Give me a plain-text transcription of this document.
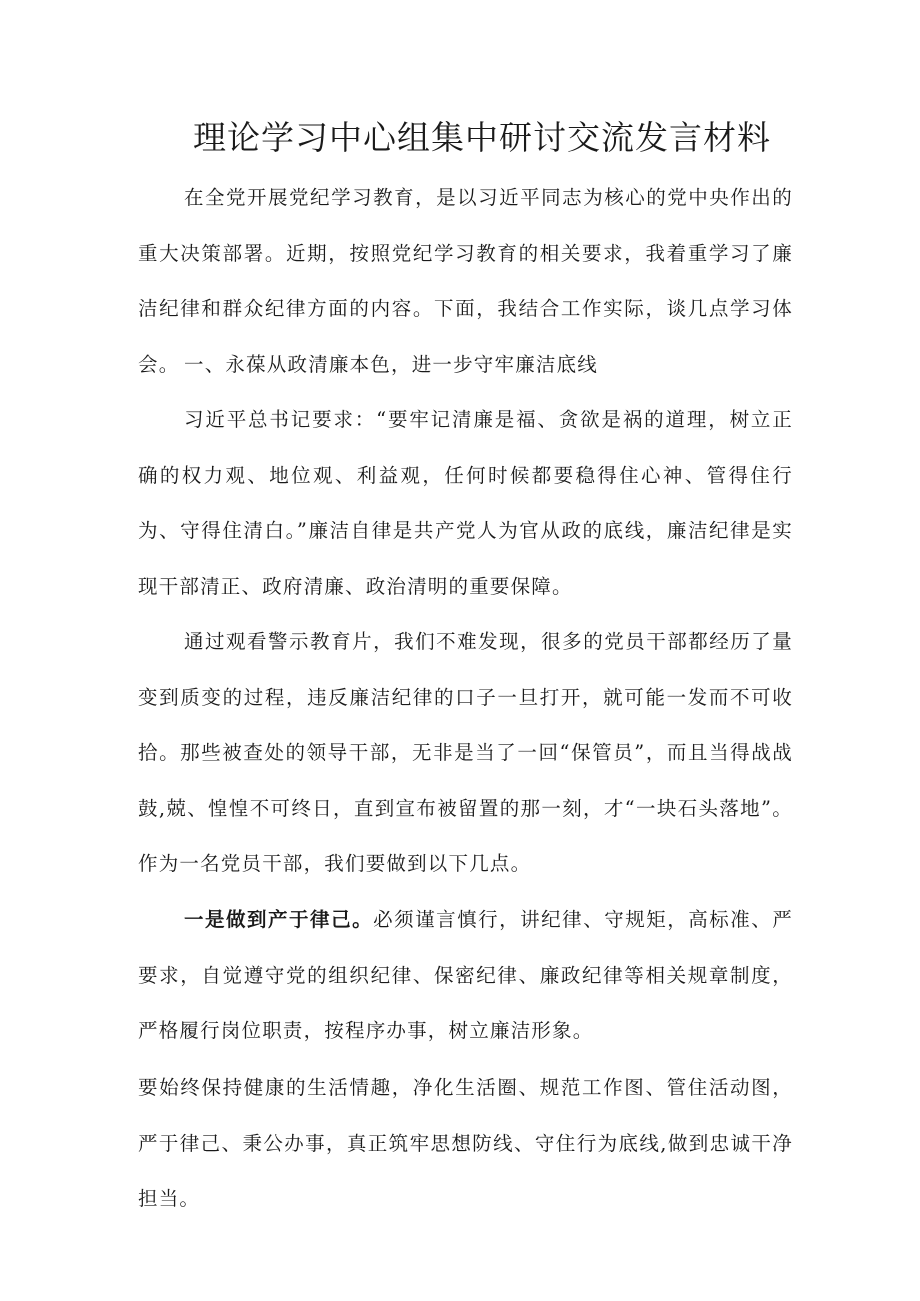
理论学习中心组集中研讨交流发言材料

在全党开展党纪学习教育，是以习近平同志为核心的党中央作出的重大决策部署。近期，按照党纪学习教育的相关要求，我着重学习了廉洁纪律和群众纪律方面的内容。下面，我结合工作实际，谈几点学习体会。 一、永葆从政清廉本色，进一步守牢廉洁底线

习近平总书记要求：“要牢记清廉是福、贪欲是祸的道理，树立正确的权力观、地位观、利益观，任何时候都要稳得住心神、管得住行为、守得住清白。”廉洁自律是共产党人为官从政的底线，廉洁纪律是实现干部清正、政府清廉、政治清明的重要保障。

通过观看警示教育片，我们不难发现，很多的党员干部都经历了量变到质变的过程，违反廉洁纪律的口子一旦打开，就可能一发而不可收拾。那些被查处的领导干部，无非是当了一回“保管员”，而且当得战战鼓,兢、惶惶不可终日，直到宣布被留置的那一刻，才“一块石头落地”。作为一名党员干部，我们要做到以下几点。

一是做到产于律己。必须谨言慎行，讲纪律、守规矩，高标准、严要求，自觉遵守党的组织纪律、保密纪律、廉政纪律等相关规章制度，严格履行岗位职责，按程序办事，树立廉洁形象。

要始终保持健康的生活情趣，净化生活圈、规范工作图、管住活动图，严于律己、秉公办事，真正筑牢思想防线、守住行为底线,做到忠诚干净担当。
